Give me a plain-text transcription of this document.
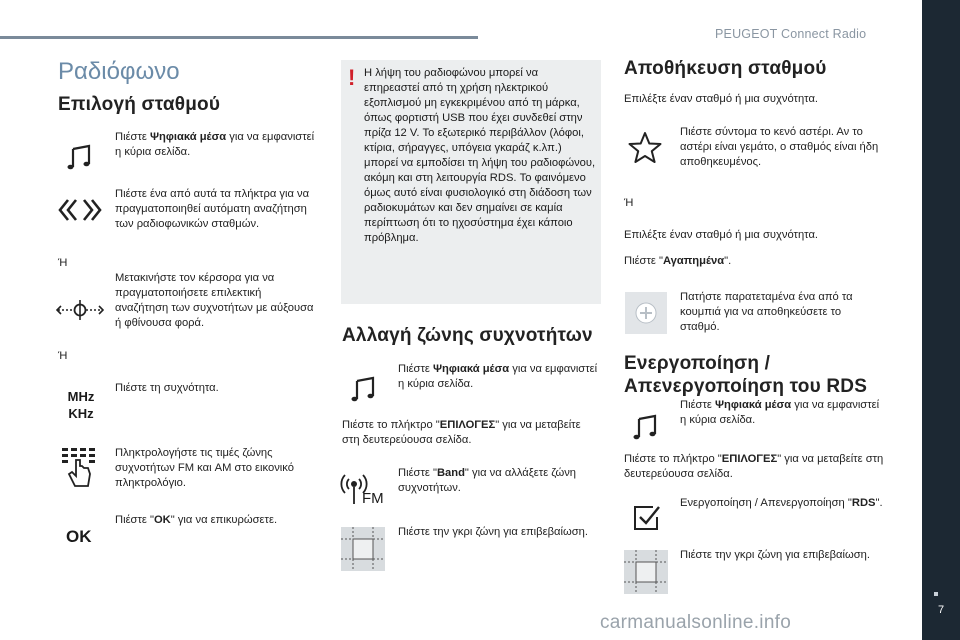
PEUGEOT Connect Radio
7
Ραδιόφωνο
Επιλογή σταθμού
Πιέστε Ψηφιακά μέσα για να εμφανιστεί η κύρια σελίδα.
Πιέστε ένα από αυτά τα πλήκτρα για να πραγματοποιηθεί αυτόματη αναζήτηση των ραδιοφωνικών σταθμών.
Ή
Μετακινήστε τον κέρσορα για να πραγματοποιήσετε επιλεκτική αναζήτηση των συχνοτήτων με αύξουσα ή φθίνουσα φορά.
Ή
MHz
KHz
Πιέστε τη συχνότητα.
Πληκτρολογήστε τις τιμές ζώνης συχνοτήτων FM και AM στο εικονικό πληκτρολόγιο.
OK
Πιέστε "OK" για να επικυρώσετε.
! Η λήψη του ραδιοφώνου μπορεί να επηρεαστεί από τη χρήση ηλεκτρικού εξοπλισμού μη εγκεκριμένου από τη μάρκα, όπως φορτιστή USB που έχει συνδεθεί στην πρίζα 12 V. Το εξωτερικό περιβάλλον (λόφοι, κτίρια, σήραγγες, υπόγεια γκαράζ κ.λπ.) μπορεί να εμποδίσει τη λήψη του ραδιοφώνου, ακόμη και στη λειτουργία RDS. Το φαινόμενο όμως αυτό είναι φυσιολογικό στη διάδοση των ραδιοκυμάτων και δεν σημαίνει σε καμία περίπτωση ότι το ηχοσύστημα έχει κάποιο πρόβλημα.
Αλλαγή ζώνης συχνοτήτων
Πιέστε Ψηφιακά μέσα για να εμφανιστεί η κύρια σελίδα.
Πιέστε το πλήκτρο "ΕΠΙΛΟΓΕΣ" για να μεταβείτε στη δευτερεύουσα σελίδα.
FM
Πιέστε "Band" για να αλλάξετε ζώνη συχνοτήτων.
Πιέστε την γκρι ζώνη για επιβεβαίωση.
Αποθήκευση σταθμού
Επιλέξτε έναν σταθμό ή μια συχνότητα.
Πιέστε σύντομα το κενό αστέρι. Αν το αστέρι είναι γεμάτο, ο σταθμός είναι ήδη αποθηκευμένος.
Ή
Επιλέξτε έναν σταθμό ή μια συχνότητα.
Πιέστε "Αγαπημένα".
Πατήστε παρατεταμένα ένα από τα κουμπιά για να αποθηκεύσετε το σταθμό.
Ενεργοποίηση /
Απενεργοποίηση του RDS
Πιέστε Ψηφιακά μέσα για να εμφανιστεί η κύρια σελίδα.
Πιέστε το πλήκτρο "ΕΠΙΛΟΓΕΣ" για να μεταβείτε στη δευτερεύουσα σελίδα.
Ενεργοποίηση / Απενεργοποίηση "RDS".
Πιέστε την γκρι ζώνη για επιβεβαίωση.
carmanualsonline.info
